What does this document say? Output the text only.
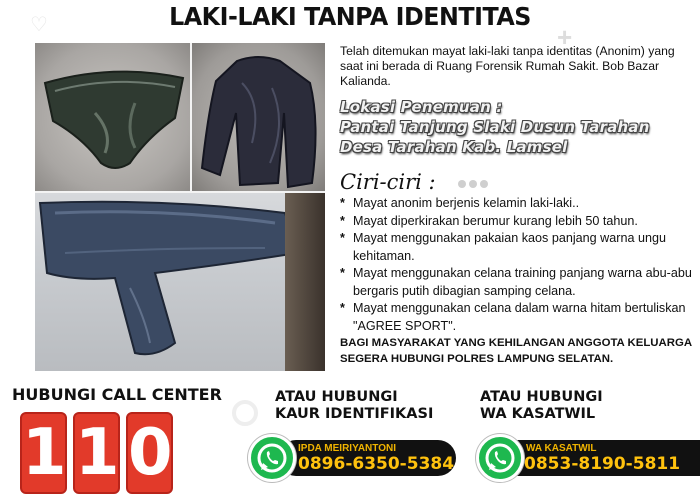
♡	+
LAKI-LAKI TANPA IDENTITAS
Telah ditemukan mayat laki-laki tanpa identitas (Anonim) yang saat ini berada di Ruang Forensik Rumah Sakit. Bob Bazar Kalianda.
Lokasi Penemuan :
Pantai Tanjung Slaki Dusun Tarahan
Desa Tarahan Kab. Lamsel
Ciri-ciri :
* Mayat anonim berjenis kelamin laki-laki..
* Mayat diperkirakan berumur kurang lebih 50 tahun.
* Mayat menggunakan pakaian kaos panjang warna ungu kehitaman.
* Mayat menggunakan celana training panjang warna abu-abu bergaris putih dibagian samping celana.
* Mayat menggunakan celana dalam warna hitam bertuliskan "AGREE SPORT".
BAGI MASYARAKAT YANG KEHILANGAN ANGGOTA KELUARGA SEGERA HUBUNGI POLRES LAMPUNG SELATAN.
HUBUNGI CALL CENTER
1 1 0
ATAU HUBUNGI
KAUR IDENTIFIKASI
IPDA MEIRIYANTONI
0896-6350-5384
ATAU HUBUNGI
WA KASATWIL
WA KASATWIL
0853-8190-5811
